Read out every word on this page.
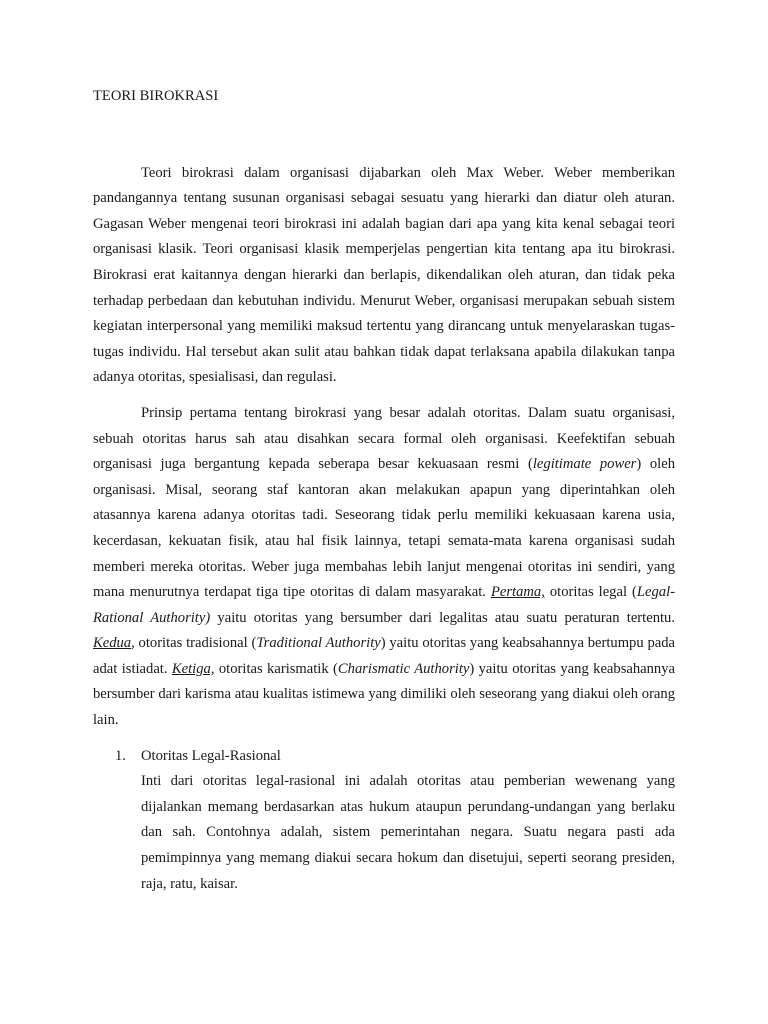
TEORI BIROKRASI

Teori birokrasi dalam organisasi dijabarkan oleh Max Weber. Weber memberikan pandangannya tentang susunan organisasi sebagai sesuatu yang hierarki dan diatur oleh aturan. Gagasan Weber mengenai teori birokrasi ini adalah bagian dari apa yang kita kenal sebagai teori organisasi klasik. Teori organisasi klasik memperjelas pengertian kita tentang apa itu birokrasi. Birokrasi erat kaitannya dengan hierarki dan berlapis, dikendalikan oleh aturan, dan tidak peka terhadap perbedaan dan kebutuhan individu. Menurut Weber, organisasi merupakan sebuah sistem kegiatan interpersonal yang memiliki maksud tertentu yang dirancang untuk menyelaraskan tugas-tugas individu. Hal tersebut akan sulit atau bahkan tidak dapat terlaksana apabila dilakukan tanpa adanya otoritas, spesialisasi, dan regulasi.

Prinsip pertama tentang birokrasi yang besar adalah otoritas. Dalam suatu organisasi, sebuah otoritas harus sah atau disahkan secara formal oleh organisasi. Keefektifan sebuah organisasi juga bergantung kepada seberapa besar kekuasaan resmi (legitimate power) oleh organisasi. Misal, seorang staf kantoran akan melakukan apapun yang diperintahkan oleh atasannya karena adanya otoritas tadi. Seseorang tidak perlu memiliki kekuasaan karena usia, kecerdasan, kekuatan fisik, atau hal fisik lainnya, tetapi semata-mata karena organisasi sudah memberi mereka otoritas. Weber juga membahas lebih lanjut mengenai otoritas ini sendiri, yang mana menurutnya terdapat tiga tipe otoritas di dalam masyarakat. Pertama, otoritas legal (Legal-Rational Authority) yaitu otoritas yang bersumber dari legalitas atau suatu peraturan tertentu. Kedua, otoritas tradisional (Traditional Authority) yaitu otoritas yang keabsahannya bertumpu pada adat istiadat. Ketiga, otoritas karismatik (Charismatic Authority) yaitu otoritas yang keabsahannya bersumber dari karisma atau kualitas istimewa yang dimiliki oleh seseorang yang diakui oleh orang lain.

1. Otoritas Legal-Rasional

Inti dari otoritas legal-rasional ini adalah otoritas atau pemberian wewenang yang dijalankan memang berdasarkan atas hukum ataupun perundang-undangan yang berlaku dan sah. Contohnya adalah, sistem pemerintahan negara. Suatu negara pasti ada pemimpinnya yang memang diakui secara hokum dan disetujui, seperti seorang presiden, raja, ratu, kaisar.
